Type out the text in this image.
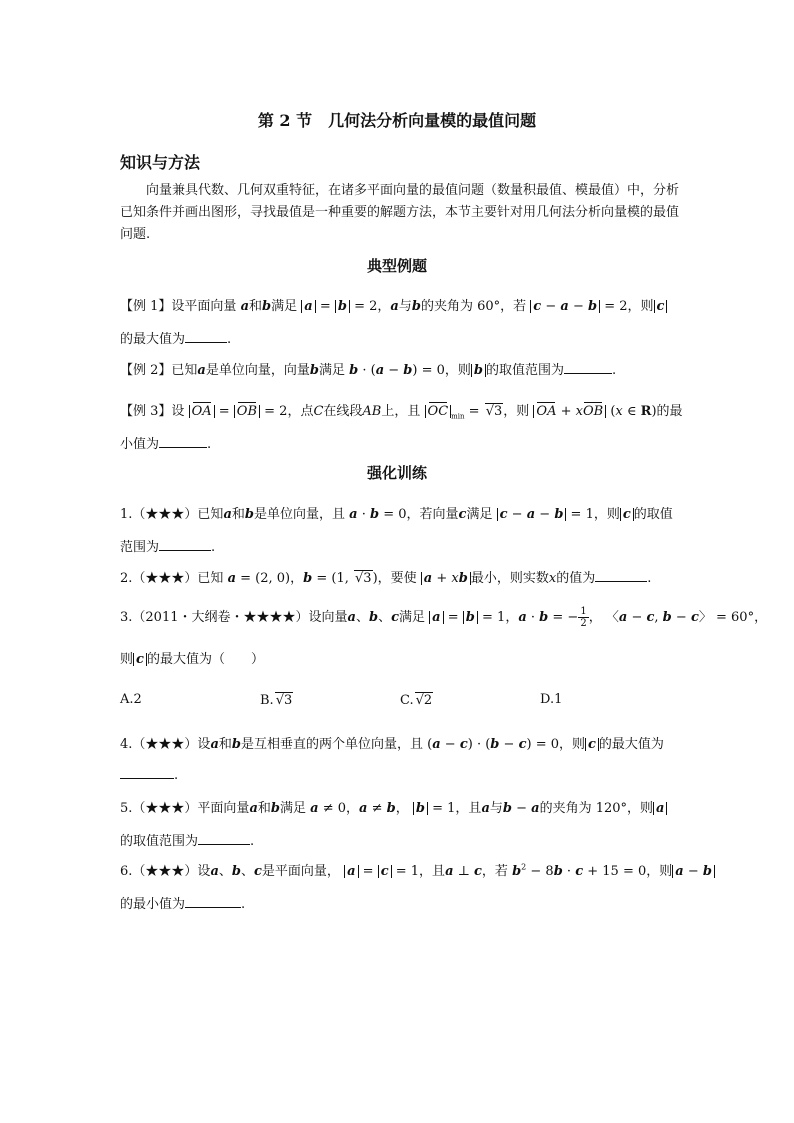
第 2 节　几何法分析向量模的最值问题
知识与方法
向量兼具代数、几何双重特征，在诸多平面向量的最值问题（数量积最值、模最值）中，分析已知条件并画出图形，寻找最值是一种重要的解题方法，本节主要针对用几何法分析向量模的最值问题.
典型例题
【例 1】设平面向量 a和b满足 a = b = 2，a与b的夹角为 60°，若 c − a − b = 2，则 c
的最大值为	.
【例 2】已知a是单位向量，向量b满足 b · (a − b) = 0，则 b 的取值范围为	.
【例 3】设 OA = OB = 2，点C在线段AB上，且 OC $_{min}$ = √3，则 OA + xOB (x ∈ R)的最
小值为	.
强化训练
1.（★★★）已知a和b是单位向量，且 a · b = 0，若向量c满足 c − a − b = 1，则 c 的取值
范围为	.
2.（★★★）已知 a = (2, 0)，b = (1, √3)，要使 a + xb 最小，则实数x的值为	.
3.（2011・大纲卷・★★★★）设向量a、b、c满足 a = b = 1，a · b = − $\frac{1}{2}$ ， 〈a − c, b − c〉 = 60°，
则 c 的最大值为（　　）
A.2	B. √3	C. √2	D.1
4.（★★★）设a和b是互相垂直的两个单位向量，且 (a − c) · (b − c) = 0，则 c 的最大值为
.
5.（★★★）平面向量a和b满足 a ≠ 0，a ≠ b， b = 1，且a与b − a的夹角为 120°，则 a
的取值范围为	.
6.（★★★）设a、b、c是平面向量， a = c = 1，且a ⊥ c，若 $b^2 - 8b \cdot c + 15 = 0$，则 a − b
的最小值为	.
